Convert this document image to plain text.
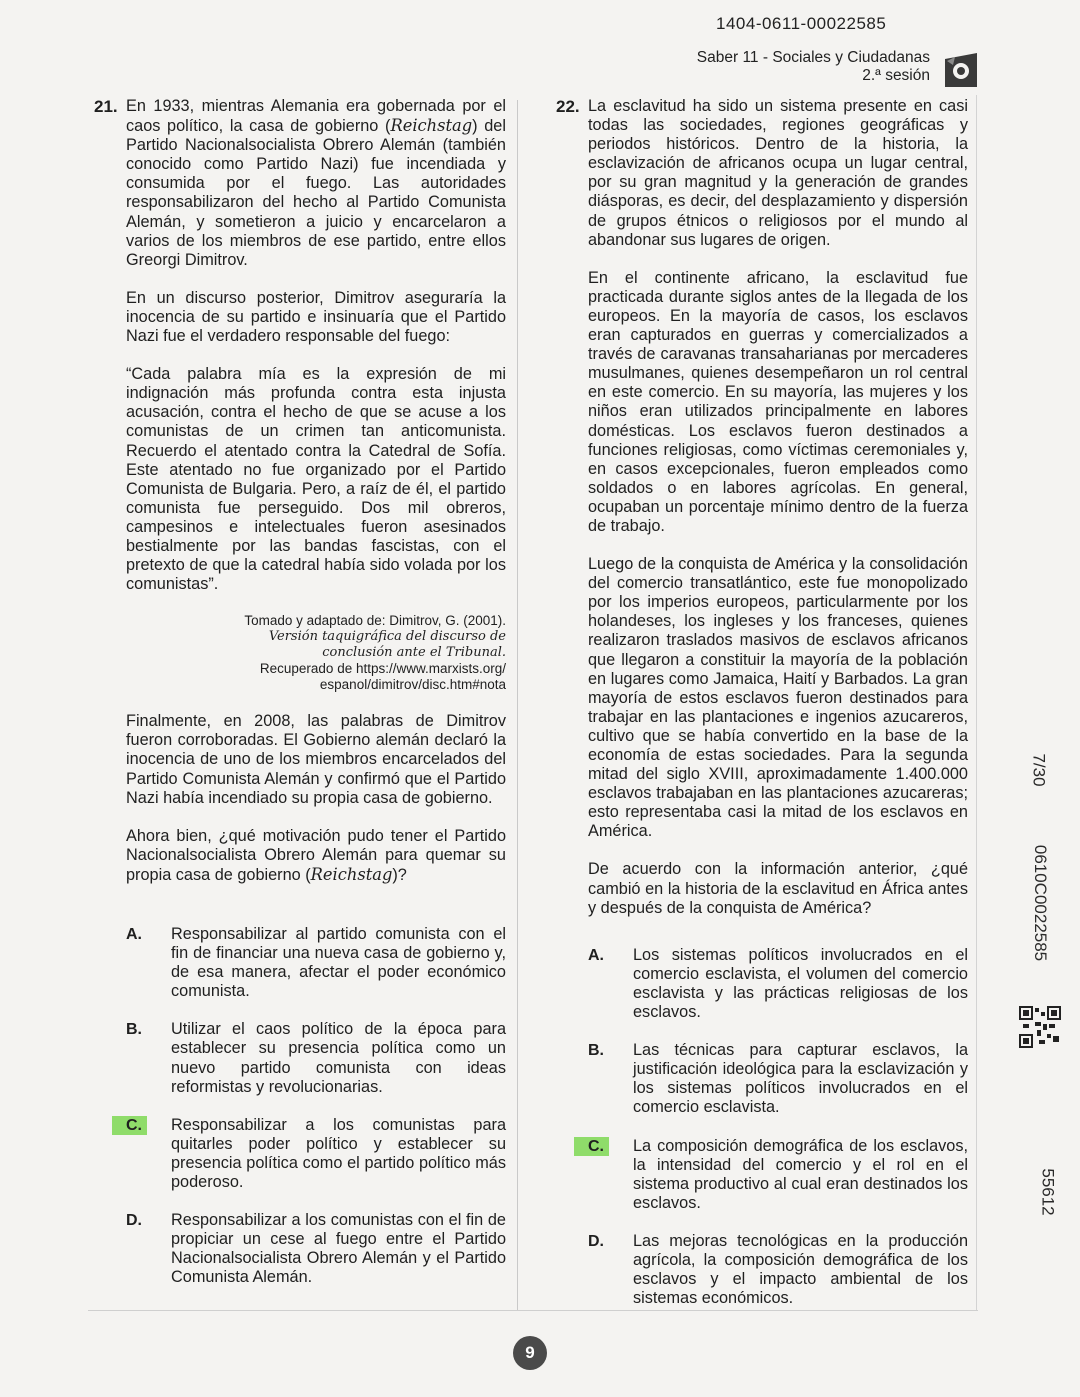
1404-0611-00022585
Saber 11 - Sociales y Ciudadanas
2.ª sesión
21. En 1933, mientras Alemania era gobernada por el caos político, la casa de gobierno (Reichstag) del Partido Nacionalsocialista Obrero Alemán (también conocido como Partido Nazi) fue incendiada y consumida por el fuego. Las autoridades responsabilizaron del hecho al Partido Comunista Alemán, y sometieron a juicio y encarcelaron a varios de los miembros de ese partido, entre ellos Greorgi Dimitrov.

En un discurso posterior, Dimitrov aseguraría la inocencia de su partido e insinuaría que el Partido Nazi fue el verdadero responsable del fuego:

“Cada palabra mía es la expresión de mi indignación más profunda contra esta injusta acusación, contra el hecho de que se acuse a los comunistas de un crimen tan anticomunista. Recuerdo el atentado contra la Catedral de Sofía. Este atentado no fue organizado por el Partido Comunista de Bulgaria. Pero, a raíz de él, el partido comunista fue perseguido. Dos mil obreros, campesinos e intelectuales fueron asesinados bestialmente por las bandas fascistas, con el pretexto de que la catedral había sido volada por los comunistas”.

Tomado y adaptado de: Dimitrov, G. (2001).
Versión taquigráfica del discurso de
conclusión ante el Tribunal.
Recuperado de https://www.marxists.org/
espanol/dimitrov/disc.htm#nota

Finalmente, en 2008, las palabras de Dimitrov fueron corroboradas. El Gobierno alemán declaró la inocencia de uno de los miembros encarcelados del Partido Comunista Alemán y confirmó que el Partido Nazi había incendiado su propia casa de gobierno.

Ahora bien, ¿qué motivación pudo tener el Partido Nacionalsocialista Obrero Alemán para quemar su propia casa de gobierno (Reichstag)?

A.	Responsabilizar al partido comunista con el fin de financiar una nueva casa de gobierno y, de esa manera, afectar el poder económico comunista.
B.	Utilizar el caos político de la época para establecer su presencia política como un nuevo partido comunista con ideas reformistas y revolucionarias.
C.	Responsabilizar a los comunistas para quitarles poder político y establecer su presencia política como el partido político más poderoso.
D.	Responsabilizar a los comunistas con el fin de propiciar un cese al fuego entre el Partido Nacionalsocialista Obrero Alemán y el Partido Comunista Alemán.
22. La esclavitud ha sido un sistema presente en casi todas las sociedades, regiones geográficas y periodos históricos. Dentro de la historia, la esclavización de africanos ocupa un lugar central, por su gran magnitud y la generación de grandes diásporas, es decir, del desplazamiento y dispersión de grupos étnicos o religiosos por el mundo al abandonar sus lugares de origen.

En el continente africano, la esclavitud fue practicada durante siglos antes de la llegada de los europeos. En la mayoría de casos, los esclavos eran capturados en guerras y comercializados a través de caravanas transaharianas por mercaderes musulmanes, quienes desempeñaron un rol central en este comercio. En su mayoría, las mujeres y los niños eran utilizados principalmente en labores domésticas. Los esclavos fueron destinados a funciones religiosas, como víctimas ceremoniales y, en casos excepcionales, fueron empleados como soldados o en labores agrícolas. En general, ocupaban un porcentaje mínimo dentro de la fuerza de trabajo.

Luego de la conquista de América y la consolidación del comercio transatlántico, este fue monopolizado por los imperios europeos, particularmente por los holandeses, los ingleses y los franceses, quienes realizaron traslados masivos de esclavos africanos que llegaron a constituir la mayoría de la población en lugares como Jamaica, Haití y Barbados. La gran mayoría de estos esclavos fueron destinados para trabajar en las plantaciones e ingenios azucareros, cultivo que se había convertido en la base de la economía de estas sociedades. Para la segunda mitad del siglo XVIII, aproximadamente 1.400.000 esclavos trabajaban en las plantaciones azucareras; esto representaba casi la mitad de los esclavos en América.

De acuerdo con la información anterior, ¿qué cambió en la historia de la esclavitud en África antes y después de la conquista de América?

A.	Los sistemas políticos involucrados en el comercio esclavista, el volumen del comercio esclavista y las prácticas religiosas de los esclavos.
B.	Las técnicas para capturar esclavos, la justificación ideológica para la esclavización y los sistemas políticos involucrados en el comercio esclavista.
C.	La composición demográfica de los esclavos, la intensidad del comercio y el rol en el sistema productivo al cual eran destinados los esclavos.
D.	Las mejoras tecnológicas en la producción agrícola, la composición demográfica de los esclavos y el impacto ambiental de los sistemas económicos.
9
7/30
0610C0022585
55612
